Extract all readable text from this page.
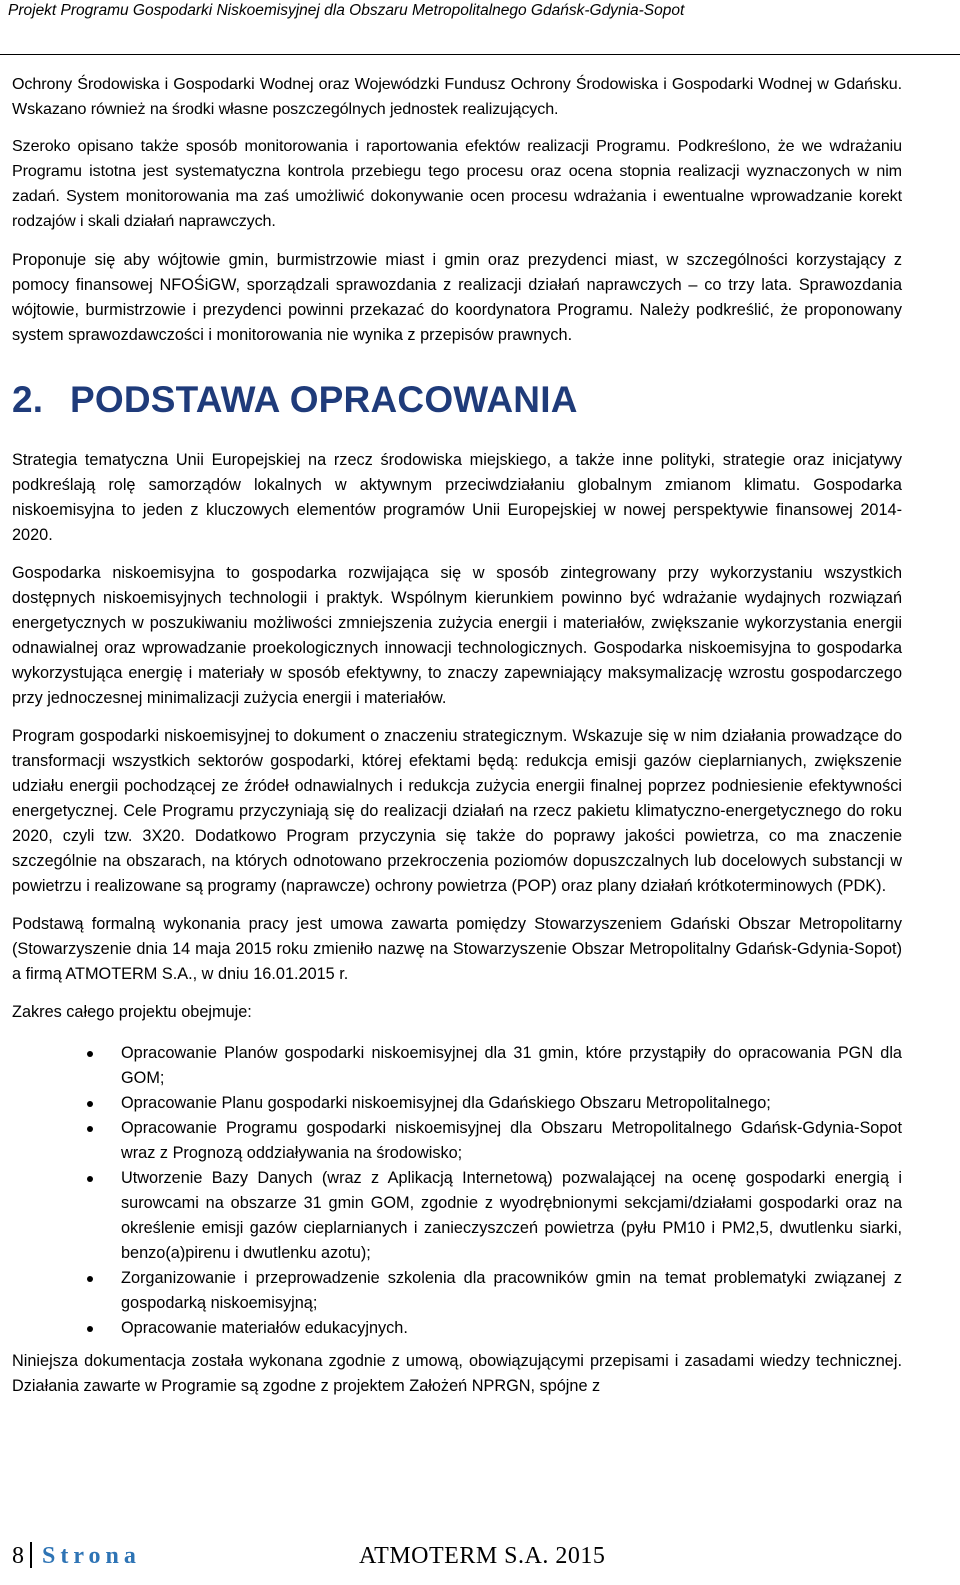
Projekt Programu Gospodarki Niskoemisyjnej dla Obszaru Metropolitalnego Gdańsk-Gdynia-Sopot

Ochrony Środowiska i Gospodarki Wodnej oraz Wojewódzki Fundusz Ochrony Środowiska i Gospodarki Wodnej w Gdańsku. Wskazano również na środki własne poszczególnych jednostek realizujących.

Szeroko opisano także sposób monitorowania i raportowania efektów realizacji Programu. Podkreślono, że we wdrażaniu Programu istotna jest systematyczna kontrola przebiegu tego procesu oraz ocena stopnia realizacji wyznaczonych w nim zadań. System monitorowania ma zaś umożliwić dokonywanie ocen procesu wdrażania i ewentualne wprowadzanie korekt rodzajów i skali działań naprawczych.

Proponuje się aby wójtowie gmin, burmistrzowie miast i gmin oraz prezydenci miast, w szczególności korzystający z pomocy finansowej NFOŚiGW, sporządzali sprawozdania z realizacji działań naprawczych – co trzy lata. Sprawozdania wójtowie, burmistrzowie i prezydenci powinni przekazać do koordynatora Programu. Należy podkreślić, że proponowany system sprawozdawczości i monitorowania nie wynika z przepisów prawnych.

2. PODSTAWA OPRACOWANIA

Strategia tematyczna Unii Europejskiej na rzecz środowiska miejskiego, a także inne polityki, strategie oraz inicjatywy podkreślają rolę samorządów lokalnych w aktywnym przeciwdziałaniu globalnym zmianom klimatu. Gospodarka niskoemisyjna to jeden z kluczowych elementów programów Unii Europejskiej w nowej perspektywie finansowej 2014-2020.

Gospodarka niskoemisyjna to gospodarka rozwijająca się w sposób zintegrowany przy wykorzystaniu wszystkich dostępnych niskoemisyjnych technologii i praktyk. Wspólnym kierunkiem powinno być wdrażanie wydajnych rozwiązań energetycznych w poszukiwaniu możliwości zmniejszenia zużycia energii i materiałów, zwiększanie wykorzystania energii odnawialnej oraz wprowadzanie proekologicznych innowacji technologicznych. Gospodarka niskoemisyjna to gospodarka wykorzystująca energię i materiały w sposób efektywny, to znaczy zapewniający maksymalizację wzrostu gospodarczego przy jednoczesnej minimalizacji zużycia energii i materiałów.

Program gospodarki niskoemisyjnej to dokument o znaczeniu strategicznym. Wskazuje się w nim działania prowadzące do transformacji wszystkich sektorów gospodarki, której efektami będą: redukcja emisji gazów cieplarnianych, zwiększenie udziału energii pochodzącej ze źródeł odnawialnych i redukcja zużycia energii finalnej poprzez podniesienie efektywności energetycznej. Cele Programu przyczyniają się do realizacji działań na rzecz pakietu klimatyczno-energetycznego do roku 2020, czyli tzw. 3X20. Dodatkowo Program przyczynia się także do poprawy jakości powietrza, co ma znaczenie szczególnie na obszarach, na których odnotowano przekroczenia poziomów dopuszczalnych lub docelowych substancji w powietrzu i realizowane są programy (naprawcze) ochrony powietrza (POP) oraz plany działań krótkoterminowych (PDK).

Podstawą formalną wykonania pracy jest umowa zawarta pomiędzy Stowarzyszeniem Gdański Obszar Metropolitarny (Stowarzyszenie dnia 14 maja 2015 roku zmieniło nazwę na Stowarzyszenie Obszar Metropolitalny Gdańsk-Gdynia-Sopot) a firmą ATMOTERM S.A., w dniu 16.01.2015 r.

Zakres całego projektu obejmuje:

Opracowanie Planów gospodarki niskoemisyjnej dla 31 gmin, które przystąpiły do opracowania PGN dla GOM;
Opracowanie Planu gospodarki niskoemisyjnej dla Gdańskiego Obszaru Metropolitalnego;
Opracowanie Programu gospodarki niskoemisyjnej dla Obszaru Metropolitalnego Gdańsk-Gdynia-Sopot wraz z Prognozą oddziaływania na środowisko;
Utworzenie Bazy Danych (wraz z Aplikacją Internetową) pozwalającej na ocenę gospodarki energią i surowcami na obszarze 31 gmin GOM, zgodnie z wyodrębnionymi sekcjami/działami gospodarki oraz na określenie emisji gazów cieplarnianych i zanieczyszczeń powietrza (pyłu PM10 i PM2,5, dwutlenku siarki, benzo(a)pirenu i dwutlenku azotu);
Zorganizowanie i przeprowadzenie szkolenia dla pracowników gmin na temat problematyki związanej z gospodarką niskoemisyjną;
Opracowanie materiałów edukacyjnych.

Niniejsza dokumentacja została wykonana zgodnie z umową, obowiązującymi przepisami i zasadami wiedzy technicznej. Działania zawarte w Programie są zgodne z projektem Założeń NPRGN, spójne z

8 Strona	ATMOTERM S.A. 2015
